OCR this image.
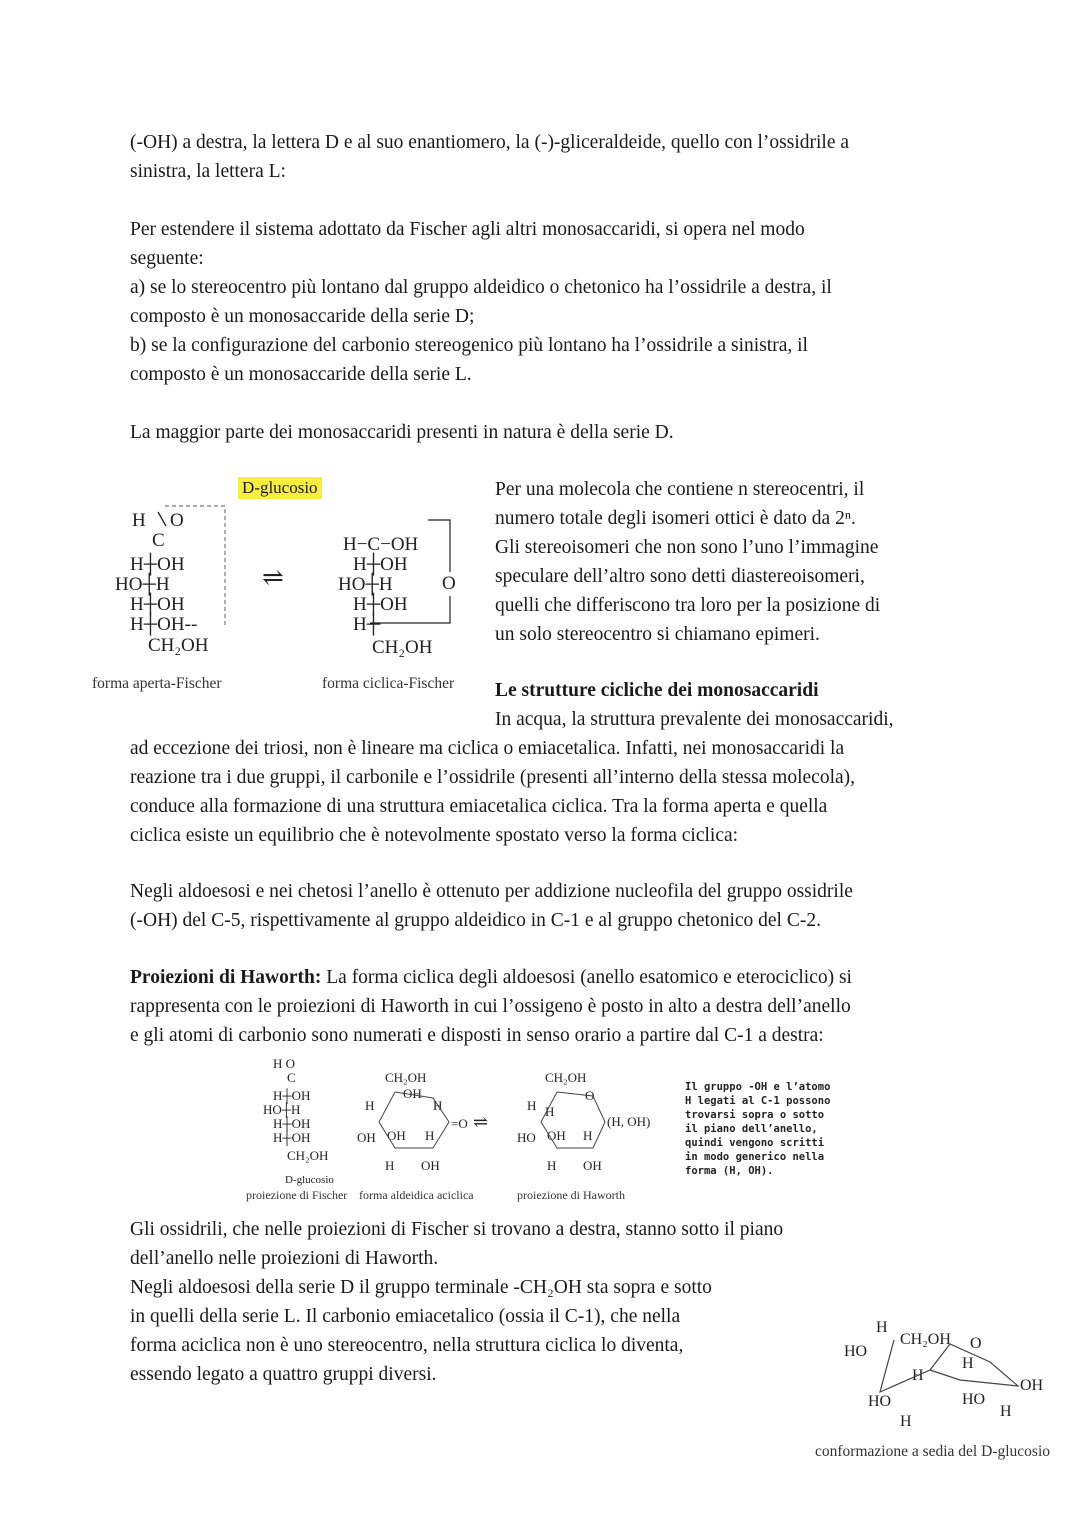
(-OH) a destra, la lettera D e al suo enantiomero, la (-)-gliceraldeide, quello con l’ossidrile a
sinistra, la lettera L:
Per estendere il sistema adottato da Fischer agli altri monosaccaridi, si opera nel modo
seguente:
a) se lo stereocentro più lontano dal gruppo aldeidico o chetonico ha l’ossidrile a destra, il
composto è un monosaccaride della serie D;
b) se la configurazione del carbonio stereogenico più lontano ha l’ossidrile a sinistra, il
composto è un monosaccaride della serie L.
La maggior parte dei monosaccaridi presenti in natura è della serie D.
D-glucosio
H O
C
H┼OH
HO┼H
H┼OH
H┼OH--
CH₂OH
⇌
H−C−OH
H┼OH
HO┼H
H┼OH
H┼
CH₂OH
O
forma aperta-Fischer	forma ciclica-Fischer
Per una molecola che contiene n stereocentri, il
numero totale degli isomeri ottici è dato da 2ⁿ.
Gli stereoisomeri che non sono l’uno l’immagine
speculare dell’altro sono detti diastereoisomeri,
quelli che differiscono tra loro per la posizione di
un solo stereocentro si chiamano epimeri.
Le strutture cicliche dei monosaccaridi
In acqua, la struttura prevalente dei monosaccaridi,
ad eccezione dei triosi, non è lineare ma ciclica o emiacetalica. Infatti, nei monosaccaridi la
reazione tra i due gruppi, il carbonile e l’ossidrile (presenti all’interno della stessa molecola),
conduce alla formazione di una struttura emiacetalica ciclica. Tra la forma aperta e quella
ciclica esiste un equilibrio che è notevolmente spostato verso la forma ciclica:
Negli aldoesosi e nei chetosi l’anello è ottenuto per addizione nucleofila del gruppo ossidrile
(-OH) del C-5, rispettivamente al gruppo aldeidico in C-1 e al gruppo chetonico del C-2.
Proiezioni di Haworth: La forma ciclica degli aldoesosi (anello esatomico e eterociclico) si
rappresenta con le proiezioni di Haworth in cui l’ossigeno è posto in alto a destra dell’anello
e gli atomi di carbonio sono numerati e disposti in senso orario a partire dal C-1 a destra:
H O
C
H┼OH
HO┼H
H┼OH
H┼OH
CH₂OH
D-glucosio
CH₂OH
OH
H	H
=O
OH OH H
H OH
⇌
CH₂OH
O
H H
HO OH H
(H, OH)
H OH
proiezione di Fischer forma aldeidica aciclica	proiezione di Haworth
Il gruppo -OH e l’atomo H legati al C-1 possono trovarsi sopra o sotto il piano dell’anello, quindi vengono scritti in modo generico nella forma (H, OH).
Gli ossidrili, che nelle proiezioni di Fischer si trovano a destra, stanno sotto il piano
dell’anello nelle proiezioni di Haworth.
Negli aldoesosi della serie D il gruppo terminale -CH₂OH sta sopra e sotto
in quelli della serie L. Il carbonio emiacetalico (ossia il C-1), che nella
forma aciclica non è uno stereocentro, nella struttura ciclica lo diventa,
essendo legato a quattro gruppi diversi.
H
CH₂OH O
HO
H
H
OH
HO	HO
H
H
conformazione a sedia del D-glucosio
